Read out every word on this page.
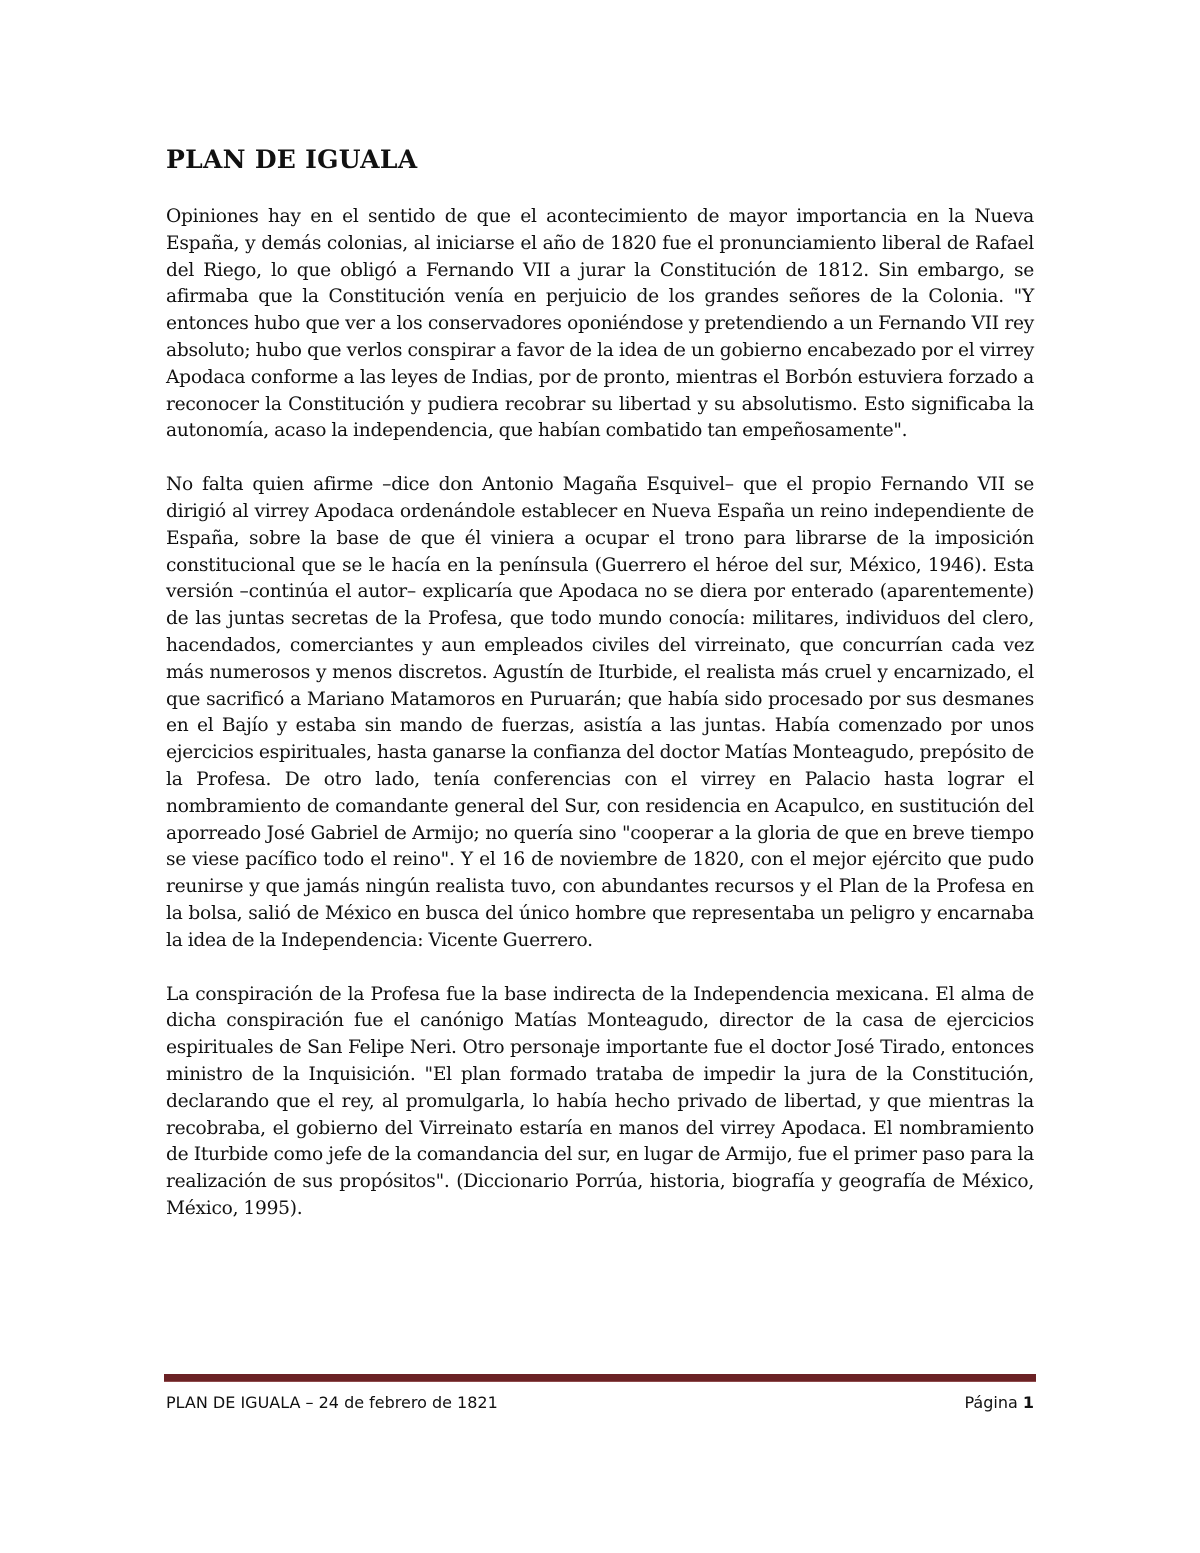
PLAN DE IGUALA

Opiniones hay en el sentido de que el acontecimiento de mayor importancia en la Nueva España, y demás colonias, al iniciarse el año de 1820 fue el pronunciamiento liberal de Rafael del Riego, lo que obligó a Fernando VII a jurar la Constitución de 1812. Sin embargo, se afirmaba que la Constitución venía en perjuicio de los grandes señores de la Colonia. "Y entonces hubo que ver a los conservadores oponiéndose y pretendiendo a un Fernando VII rey absoluto; hubo que verlos conspirar a favor de la idea de un gobierno encabezado por el virrey Apodaca conforme a las leyes de Indias, por de pronto, mientras el Borbón estuviera forzado a reconocer la Constitución y pudiera recobrar su libertad y su absolutismo. Esto significaba la autonomía, acaso la independencia, que habían combatido tan empeñosamente".

No falta quien afirme –dice don Antonio Magaña Esquivel– que el propio Fernando VII se dirigió al virrey Apodaca ordenándole establecer en Nueva España un reino independiente de España, sobre la base de que él viniera a ocupar el trono para librarse de la imposición constitucional que se le hacía en la península (Guerrero el héroe del sur, México, 1946). Esta versión –continúa el autor– explicaría que Apodaca no se diera por enterado (aparentemente) de las juntas secretas de la Profesa, que todo mundo conocía: militares, individuos del clero, hacendados, comerciantes y aun empleados civiles del virreinato, que concurrían cada vez más numerosos y menos discretos. Agustín de Iturbide, el realista más cruel y encarnizado, el que sacrificó a Mariano Matamoros en Puruarán; que había sido procesado por sus desmanes en el Bajío y estaba sin mando de fuerzas, asistía a las juntas. Había comenzado por unos ejercicios espirituales, hasta ganarse la confianza del doctor Matías Monteagudo, prepósito de la Profesa. De otro lado, tenía conferencias con el virrey en Palacio hasta lograr el nombramiento de comandante general del Sur, con residencia en Acapulco, en sustitución del aporreado José Gabriel de Armijo; no quería sino "cooperar a la gloria de que en breve tiempo se viese pacífico todo el reino". Y el 16 de noviembre de 1820, con el mejor ejército que pudo reunirse y que jamás ningún realista tuvo, con abundantes recursos y el Plan de la Profesa en la bolsa, salió de México en busca del único hombre que representaba un peligro y encarnaba la idea de la Independencia: Vicente Guerrero.

La conspiración de la Profesa fue la base indirecta de la Independencia mexicana. El alma de dicha conspiración fue el canónigo Matías Monteagudo, director de la casa de ejercicios espirituales de San Felipe Neri. Otro personaje importante fue el doctor José Tirado, entonces ministro de la Inquisición. "El plan formado trataba de impedir la jura de la Constitución, declarando que el rey, al promulgarla, lo había hecho privado de libertad, y que mientras la recobraba, el gobierno del Virreinato estaría en manos del virrey Apodaca. El nombramiento de Iturbide como jefe de la comandancia del sur, en lugar de Armijo, fue el primer paso para la realización de sus propósitos". (Diccionario Porrúa, historia, biografía y geografía de México, México, 1995).

PLAN DE IGUALA – 24 de febrero de 1821	Página 1
